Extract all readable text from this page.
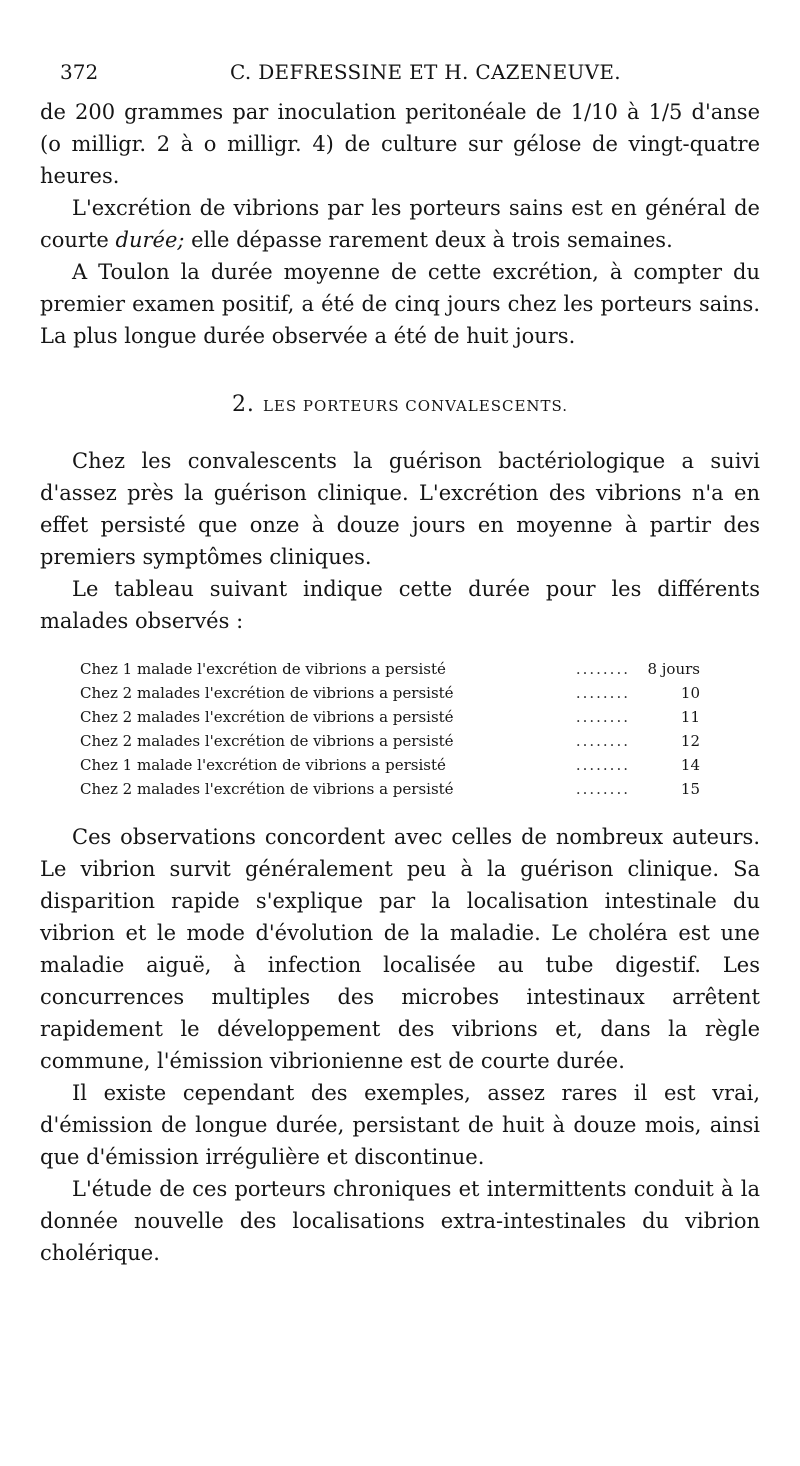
372	C. DEFRESSINE ET H. CAZENEUVE.

de 200 grammes par inoculation peritonéale de 1/10 à 1/5 d'anse (o milligr. 2 à o milligr. 4) de culture sur gélose de vingt-quatre heures.

L'excrétion de vibrions par les porteurs sains est en général de courte durée; elle dépasse rarement deux à trois semaines.

A Toulon la durée moyenne de cette excrétion, à compter du premier examen positif, a été de cinq jours chez les porteurs sains. La plus longue durée observée a été de huit jours.

2. LES PORTEURS CONVALESCENTS.

Chez les convalescents la guérison bactériologique a suivi d'assez près la guérison clinique. L'excrétion des vibrions n'a en effet persisté que onze à douze jours en moyenne à partir des premiers symptômes cliniques.

Le tableau suivant indique cette durée pour les différents malades observés :

Chez 1 malade l'excrétion de vibrions a persisté	........	8 jours
Chez 2 malades l'excrétion de vibrions a persisté	........	10
Chez 2 malades l'excrétion de vibrions a persisté	........	11
Chez 2 malades l'excrétion de vibrions a persisté	........	12
Chez 1 malade l'excrétion de vibrions a persisté	........	14
Chez 2 malades l'excrétion de vibrions a persisté	........	15

Ces observations concordent avec celles de nombreux auteurs. Le vibrion survit généralement peu à la guérison clinique. Sa disparition rapide s'explique par la localisation intestinale du vibrion et le mode d'évolution de la maladie. Le choléra est une maladie aiguë, à infection localisée au tube digestif. Les concurrences multiples des microbes intestinaux arrêtent rapidement le développement des vibrions et, dans la règle commune, l'émission vibrionienne est de courte durée.

Il existe cependant des exemples, assez rares il est vrai, d'émission de longue durée, persistant de huit à douze mois, ainsi que d'émission irrégulière et discontinue.

L'étude de ces porteurs chroniques et intermittents conduit à la donnée nouvelle des localisations extra-intestinales du vibrion cholérique.
